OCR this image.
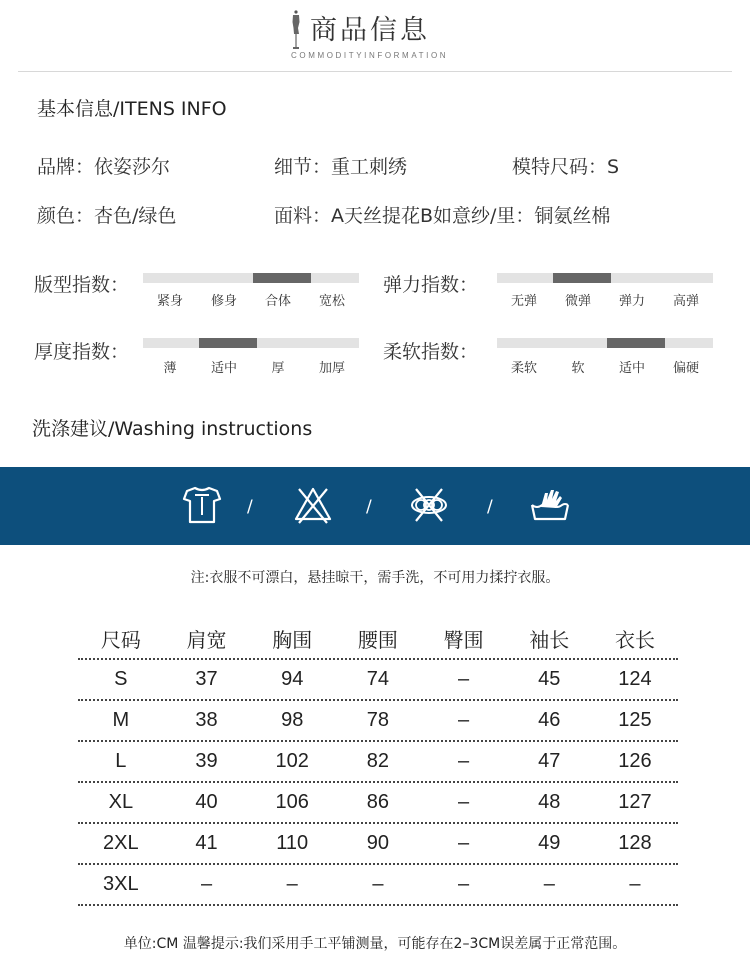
商品信息
COMMODITYINFORMATION
基本信息/ITENS INFO
品牌：依姿莎尔	细节：重工刺绣	模特尺码：S
颜色：杏色/绿色	面料：A天丝提花B如意纱/里：铜氨丝棉
版型指数：
紧身	修身	合体	宽松
弹力指数：
无弹	微弹	弹力	高弹
厚度指数：
薄	适中	厚	加厚
柔软指数：
柔软	软	适中	偏硬
洗涤建议/Washing instructions
/	/	/
注:衣服不可漂白，悬挂晾干，需手洗，不可用力揉拧衣服。
尺码	肩宽	胸围	腰围	臀围	袖长	衣长
S	37	94	74	–	45	124
M	38	98	78	–	46	125
L	39	102	82	–	47	126
XL	40	106	86	–	48	127
2XL	41	110	90	–	49	128
3XL	–	–	–	–	–	–
单位:CM 温馨提示:我们采用手工平铺测量，可能存在2–3CM误差属于正常范围。
